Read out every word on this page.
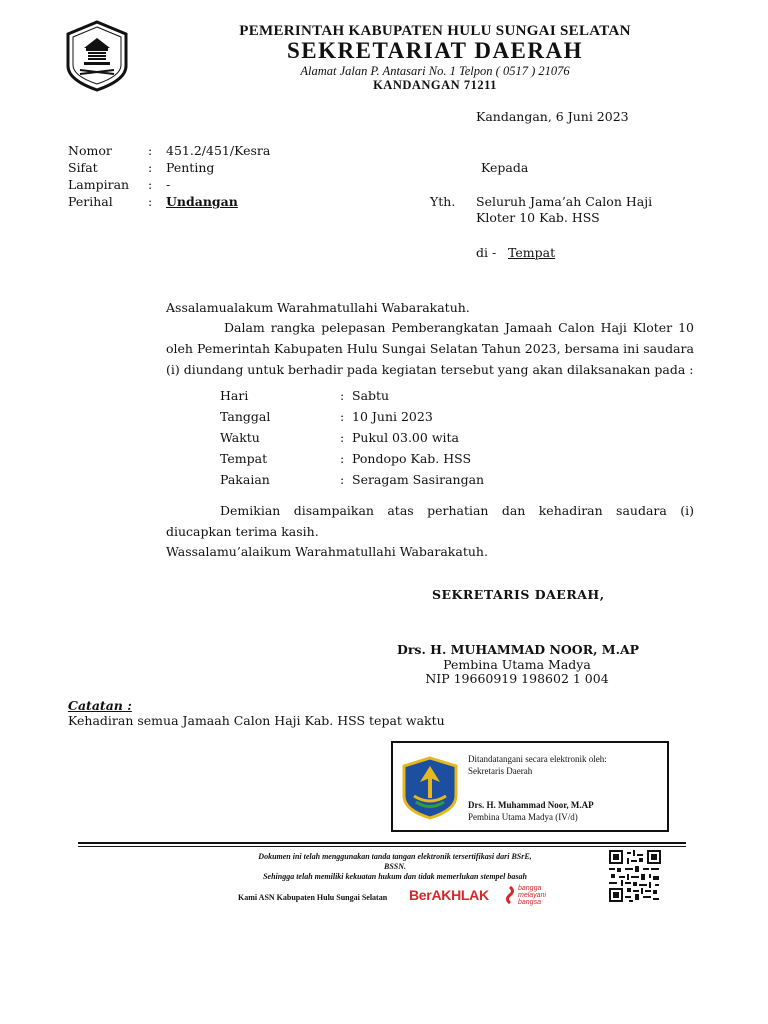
PEMERINTAH KABUPATEN HULU SUNGAI SELATAN
SEKRETARIAT DAERAH
Alamat Jalan P. Antasari No. 1 Telpon ( 0517 ) 21076
KANDANGAN 71211
Kandangan, 6 Juni 2023
Nomor	: 451.2/451/Kesra
Sifat	: Penting
Lampiran : -
Perihal	: Undangan
Kepada
Yth. Seluruh Jama’ah Calon Haji
Kloter 10 Kab. HSS
di - Tempat
Assalamualakum Warahmatullahi Wabarakatuh.
Dalam rangka pelepasan Pemberangkatan Jamaah Calon Haji Kloter 10 oleh Pemerintah Kabupaten Hulu Sungai Selatan Tahun 2023, bersama ini saudara (i) diundang untuk berhadir pada kegiatan tersebut yang akan dilaksanakan pada :
Hari	: Sabtu
Tanggal	: 10 Juni 2023
Waktu	: Pukul 03.00 wita
Tempat	: Pondopo Kab. HSS
Pakaian	: Seragam Sasirangan
Demikian disampaikan atas perhatian dan kehadiran saudara (i) diucapkan terima kasih.
Wassalamu’alaikum Warahmatullahi Wabarakatuh.
SEKRETARIS DAERAH,
Drs. H. MUHAMMAD NOOR, M.AP
Pembina Utama Madya
NIP 19660919 198602 1 004
Catatan :
Kehadiran semua Jamaah Calon Haji Kab. HSS tepat waktu
Ditandatangani secara elektronik oleh:
Sekretaris Daerah
Drs. H. Muhammad Noor, M.AP
Pembina Utama Madya (IV/d)
Dokumen ini telah menggunakan tanda tangan elektronik tersertifikasi dari BSrE,
BSSN.
Sehingga telah memiliki kekuatan hukum dan tidak memerlukan stempel basah
Kami ASN Kabupaten Hulu Sungai Selatan BerAKHLAK	bangga
melayani
bangsa
